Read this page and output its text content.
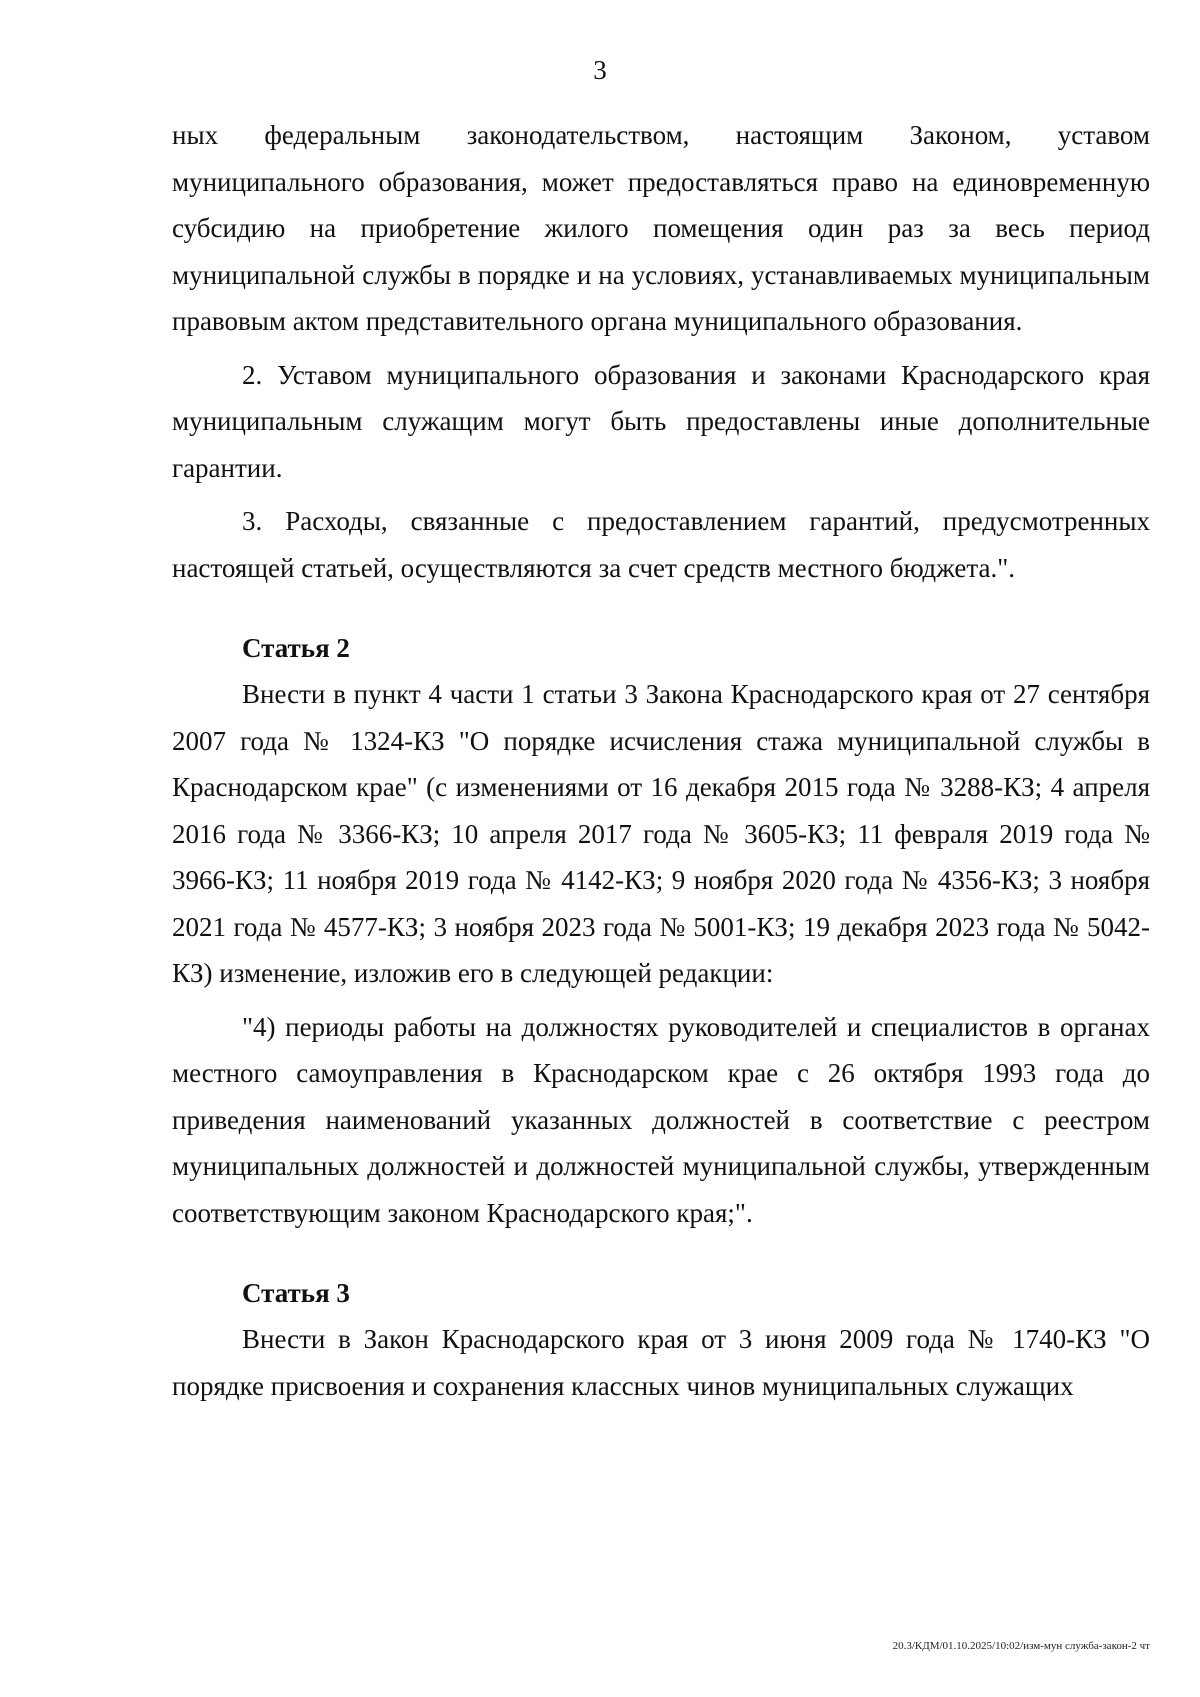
3

ных федеральным законодательством, настоящим Законом, уставом муниципального образования, может предоставляться право на единовременную субсидию на приобретение жилого помещения один раз за весь период муниципальной службы в порядке и на условиях, устанавливаемых муниципальным правовым актом представительного органа муниципального образования.

2. Уставом муниципального образования и законами Краснодарского края муниципальным служащим могут быть предоставлены иные дополнительные гарантии.

3. Расходы, связанные с предоставлением гарантий, предусмотренных настоящей статьей, осуществляются за счет средств местного бюджета.".

Статья 2

Внести в пункт 4 части 1 статьи 3 Закона Краснодарского края от 27 сентября 2007 года № 1324-КЗ "О порядке исчисления стажа муниципальной службы в Краснодарском крае" (с изменениями от 16 декабря 2015 года № 3288-КЗ; 4 апреля 2016 года № 3366-КЗ; 10 апреля 2017 года № 3605-КЗ; 11 февраля 2019 года № 3966-КЗ; 11 ноября 2019 года № 4142-КЗ; 9 ноября 2020 года № 4356-КЗ; 3 ноября 2021 года № 4577-КЗ; 3 ноября 2023 года № 5001-КЗ; 19 декабря 2023 года № 5042-КЗ) изменение, изложив его в следующей редакции:

"4) периоды работы на должностях руководителей и специалистов в органах местного самоуправления в Краснодарском крае с 26 октября 1993 года до приведения наименований указанных должностей в соответствие с реестром муниципальных должностей и должностей муниципальной службы, утвержденным соответствующим законом Краснодарского края;".

Статья 3

Внести в Закон Краснодарского края от 3 июня 2009 года № 1740-КЗ "О порядке присвоения и сохранения классных чинов муниципальных служащих

20.3/КДМ/01.10.2025/10:02/изм-мун служба-закон-2 чт
